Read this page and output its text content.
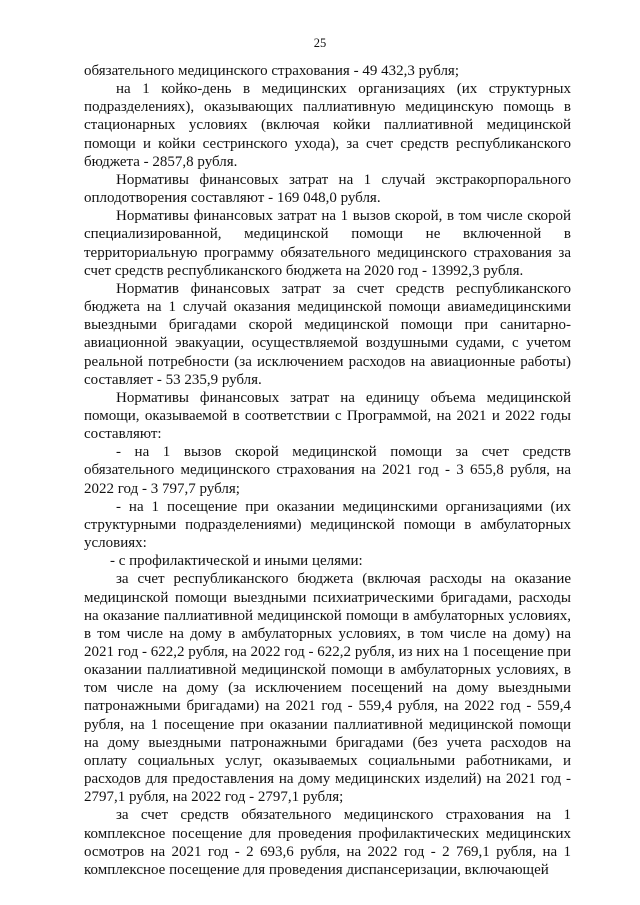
25

обязательного медицинского страхования - 49 432,3 рубля;

на 1 койко-день в медицинских организациях (их структурных подразделениях), оказывающих паллиативную медицинскую помощь в стационарных условиях (включая койки паллиативной медицинской помощи и койки сестринского ухода), за счет средств республиканского бюджета - 2857,8 рубля.

Нормативы финансовых затрат на 1 случай экстракорпорального оплодотворения составляют - 169 048,0 рубля.

Нормативы финансовых затрат на 1 вызов скорой, в том числе скорой специализированной, медицинской помощи не включенной в территориальную программу обязательного медицинского страхования за счет средств республиканского бюджета на 2020 год - 13992,3 рубля.

Норматив финансовых затрат за счет средств республиканского бюджета на 1 случай оказания медицинской помощи авиамедицинскими выездными бригадами скорой медицинской помощи при санитарно-авиационной эвакуации, осуществляемой воздушными судами, с учетом реальной потребности (за исключением расходов на авиационные работы) составляет - 53 235,9 рубля.

Нормативы финансовых затрат на единицу объема медицинской помощи, оказываемой в соответствии с Программой, на 2021 и 2022 годы составляют:

- на 1 вызов скорой медицинской помощи за счет средств обязательного медицинского страхования на 2021 год - 3 655,8 рубля, на 2022 год - 3 797,7 рубля;

- на 1 посещение при оказании медицинскими организациями (их структурными подразделениями) медицинской помощи в амбулаторных условиях:

- с профилактической и иными целями:

за счет республиканского бюджета (включая расходы на оказание медицинской помощи выездными психиатрическими бригадами, расходы на оказание паллиативной медицинской помощи в амбулаторных условиях, в том числе на дому в амбулаторных условиях, в том числе на дому) на 2021 год - 622,2 рубля, на 2022 год - 622,2 рубля, из них на 1 посещение при оказании паллиативной медицинской помощи в амбулаторных условиях, в том числе на дому (за исключением посещений на дому выездными патронажными бригадами) на 2021 год - 559,4 рубля, на 2022 год - 559,4 рубля, на 1 посещение при оказании паллиативной медицинской помощи на дому выездными патронажными бригадами (без учета расходов на оплату социальных услуг, оказываемых социальными работниками, и расходов для предоставления на дому медицинских изделий) на 2021 год - 2797,1 рубля, на 2022 год - 2797,1 рубля;

за счет средств обязательного медицинского страхования на 1 комплексное посещение для проведения профилактических медицинских осмотров на 2021 год - 2 693,6 рубля, на 2022 год - 2 769,1 рубля, на 1 комплексное посещение для проведения диспансеризации, включающей
